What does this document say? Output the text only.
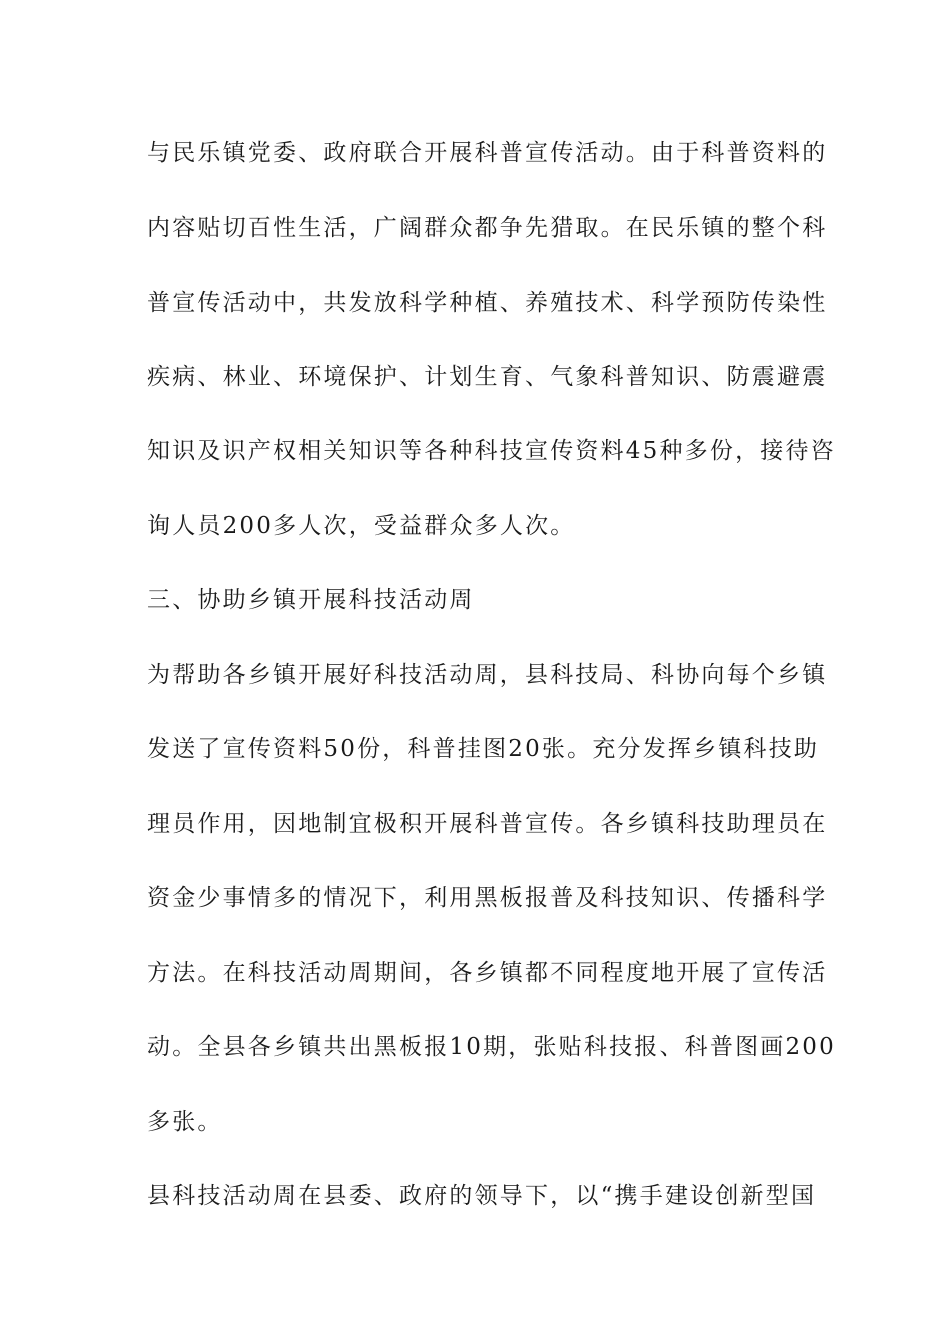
与民乐镇党委、政府联合开展科普宣传活动。由于科普资料的
内容贴切百性生活，广阔群众都争先猎取。在民乐镇的整个科
普宣传活动中，共发放科学种植、养殖技术、科学预防传染性
疾病、林业、环境保护、计划生育、气象科普知识、防震避震
知识及识产权相关知识等各种科技宣传资料45种多份，接待咨
询人员200多人次，受益群众多人次。
三、协助乡镇开展科技活动周
为帮助各乡镇开展好科技活动周，县科技局、科协向每个乡镇
发送了宣传资料50份，科普挂图20张。充分发挥乡镇科技助
理员作用，因地制宜极积开展科普宣传。各乡镇科技助理员在
资金少事情多的情况下，利用黑板报普及科技知识、传播科学
方法。在科技活动周期间，各乡镇都不同程度地开展了宣传活
动。全县各乡镇共出黑板报10期，张贴科技报、科普图画200
多张。
县科技活动周在县委、政府的领导下，以“携手建设创新型国
